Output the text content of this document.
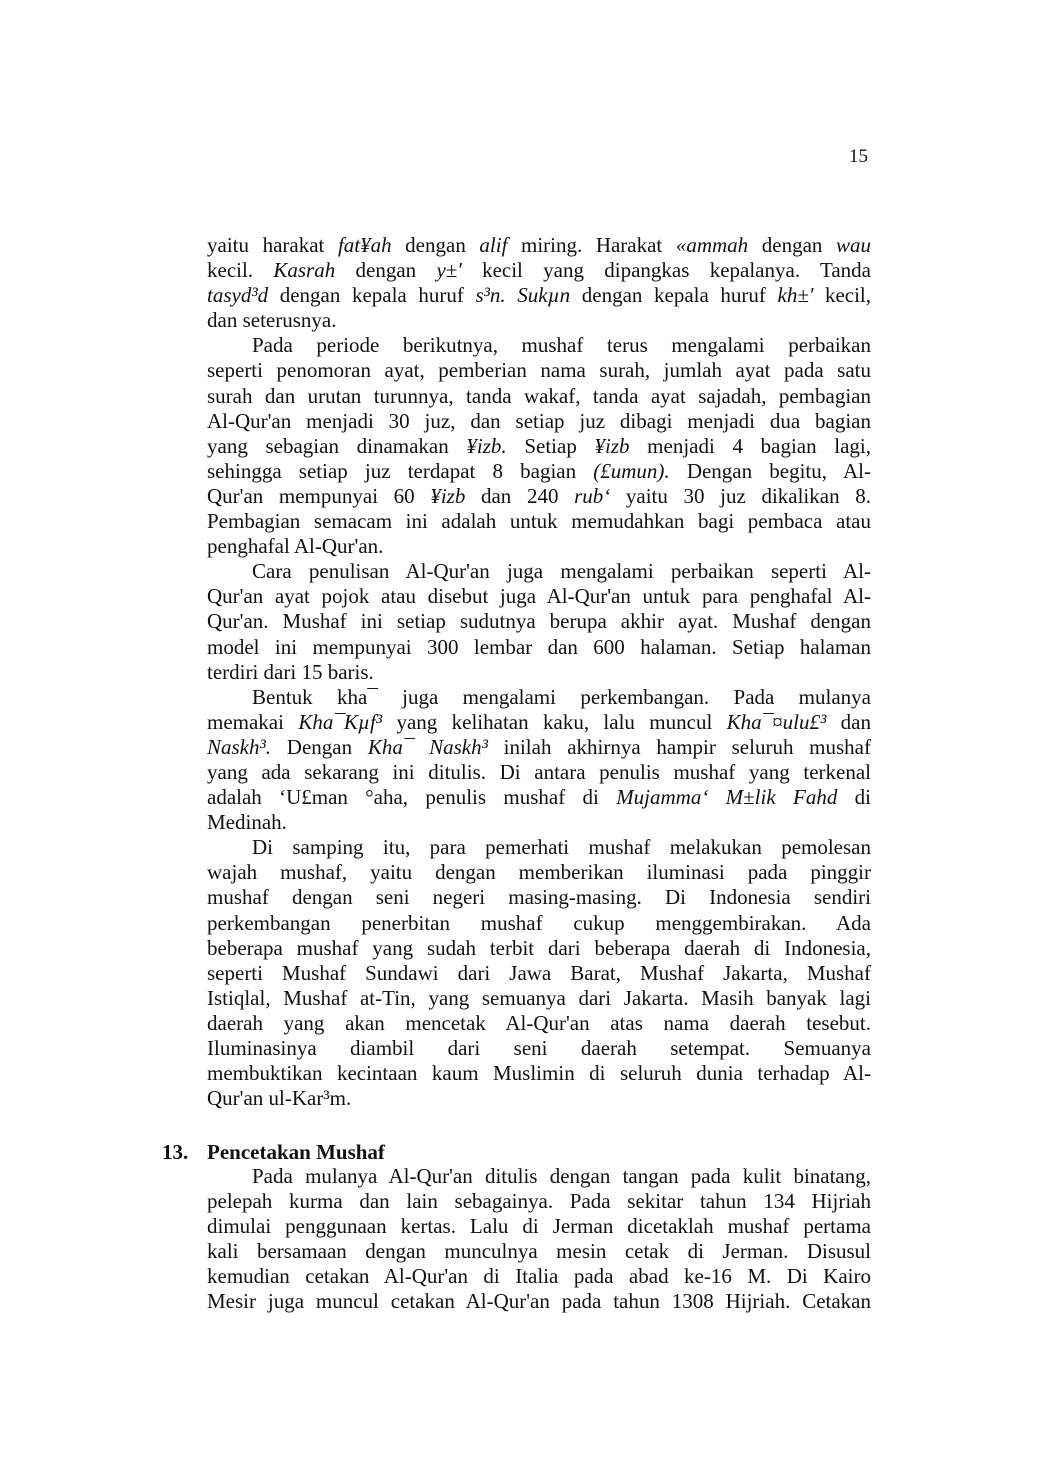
15
yaitu harakat fat¥ah dengan alif miring. Harakat «ammah dengan wau
kecil. Kasrah dengan y±' kecil yang dipangkas kepalanya. Tanda
tasyd³d dengan kepala huruf s³n. Sukµn dengan kepala huruf kh±' kecil,
dan seterusnya.
Pada periode berikutnya, mushaf terus mengalami perbaikan
seperti penomoran ayat, pemberian nama surah, jumlah ayat pada satu
surah dan urutan turunnya, tanda wakaf, tanda ayat sajadah, pembagian
Al-Qur'an menjadi 30 juz, dan setiap juz dibagi menjadi dua bagian
yang sebagian dinamakan ¥izb. Setiap ¥izb menjadi 4 bagian lagi,
sehingga setiap juz terdapat 8 bagian (£umun). Dengan begitu, Al-
Qur'an mempunyai 60 ¥izb dan 240 rub‘ yaitu 30 juz dikalikan 8.
Pembagian semacam ini adalah untuk memudahkan bagi pembaca atau
penghafal Al-Qur'an.
Cara penulisan Al-Qur'an juga mengalami perbaikan seperti Al-
Qur'an ayat pojok atau disebut juga Al-Qur'an untuk para penghafal Al-
Qur'an. Mushaf ini setiap sudutnya berupa akhir ayat. Mushaf dengan
model ini mempunyai 300 lembar dan 600 halaman. Setiap halaman
terdiri dari 15 baris.
Bentuk kha¯ juga mengalami perkembangan. Pada mulanya
memakai Kha¯Kµf³ yang kelihatan kaku, lalu muncul Kha¯¤ulu£³ dan
Naskh³. Dengan Kha¯ Naskh³ inilah akhirnya hampir seluruh mushaf
yang ada sekarang ini ditulis. Di antara penulis mushaf yang terkenal
adalah ‘U£man °aha, penulis mushaf di Mujamma‘ M±lik Fahd di
Medinah.
Di samping itu, para pemerhati mushaf melakukan pemolesan
wajah mushaf, yaitu dengan memberikan iluminasi pada pinggir
mushaf dengan seni negeri masing-masing. Di Indonesia sendiri
perkembangan penerbitan mushaf cukup menggembirakan. Ada
beberapa mushaf yang sudah terbit dari beberapa daerah di Indonesia,
seperti Mushaf Sundawi dari Jawa Barat, Mushaf Jakarta, Mushaf
Istiqlal, Mushaf at-Tin, yang semuanya dari Jakarta. Masih banyak lagi
daerah yang akan mencetak Al-Qur'an atas nama daerah tesebut.
Iluminasinya diambil dari seni daerah setempat. Semuanya
membuktikan kecintaan kaum Muslimin di seluruh dunia terhadap Al-
Qur'an ul-Kar³m.
13. Pencetakan Mushaf
Pada mulanya Al-Qur'an ditulis dengan tangan pada kulit binatang,
pelepah kurma dan lain sebagainya. Pada sekitar tahun 134 Hijriah
dimulai penggunaan kertas. Lalu di Jerman dicetaklah mushaf pertama
kali bersamaan dengan munculnya mesin cetak di Jerman. Disusul
kemudian cetakan Al-Qur'an di Italia pada abad ke-16 M. Di Kairo
Mesir juga muncul cetakan Al-Qur'an pada tahun 1308 Hijriah. Cetakan
